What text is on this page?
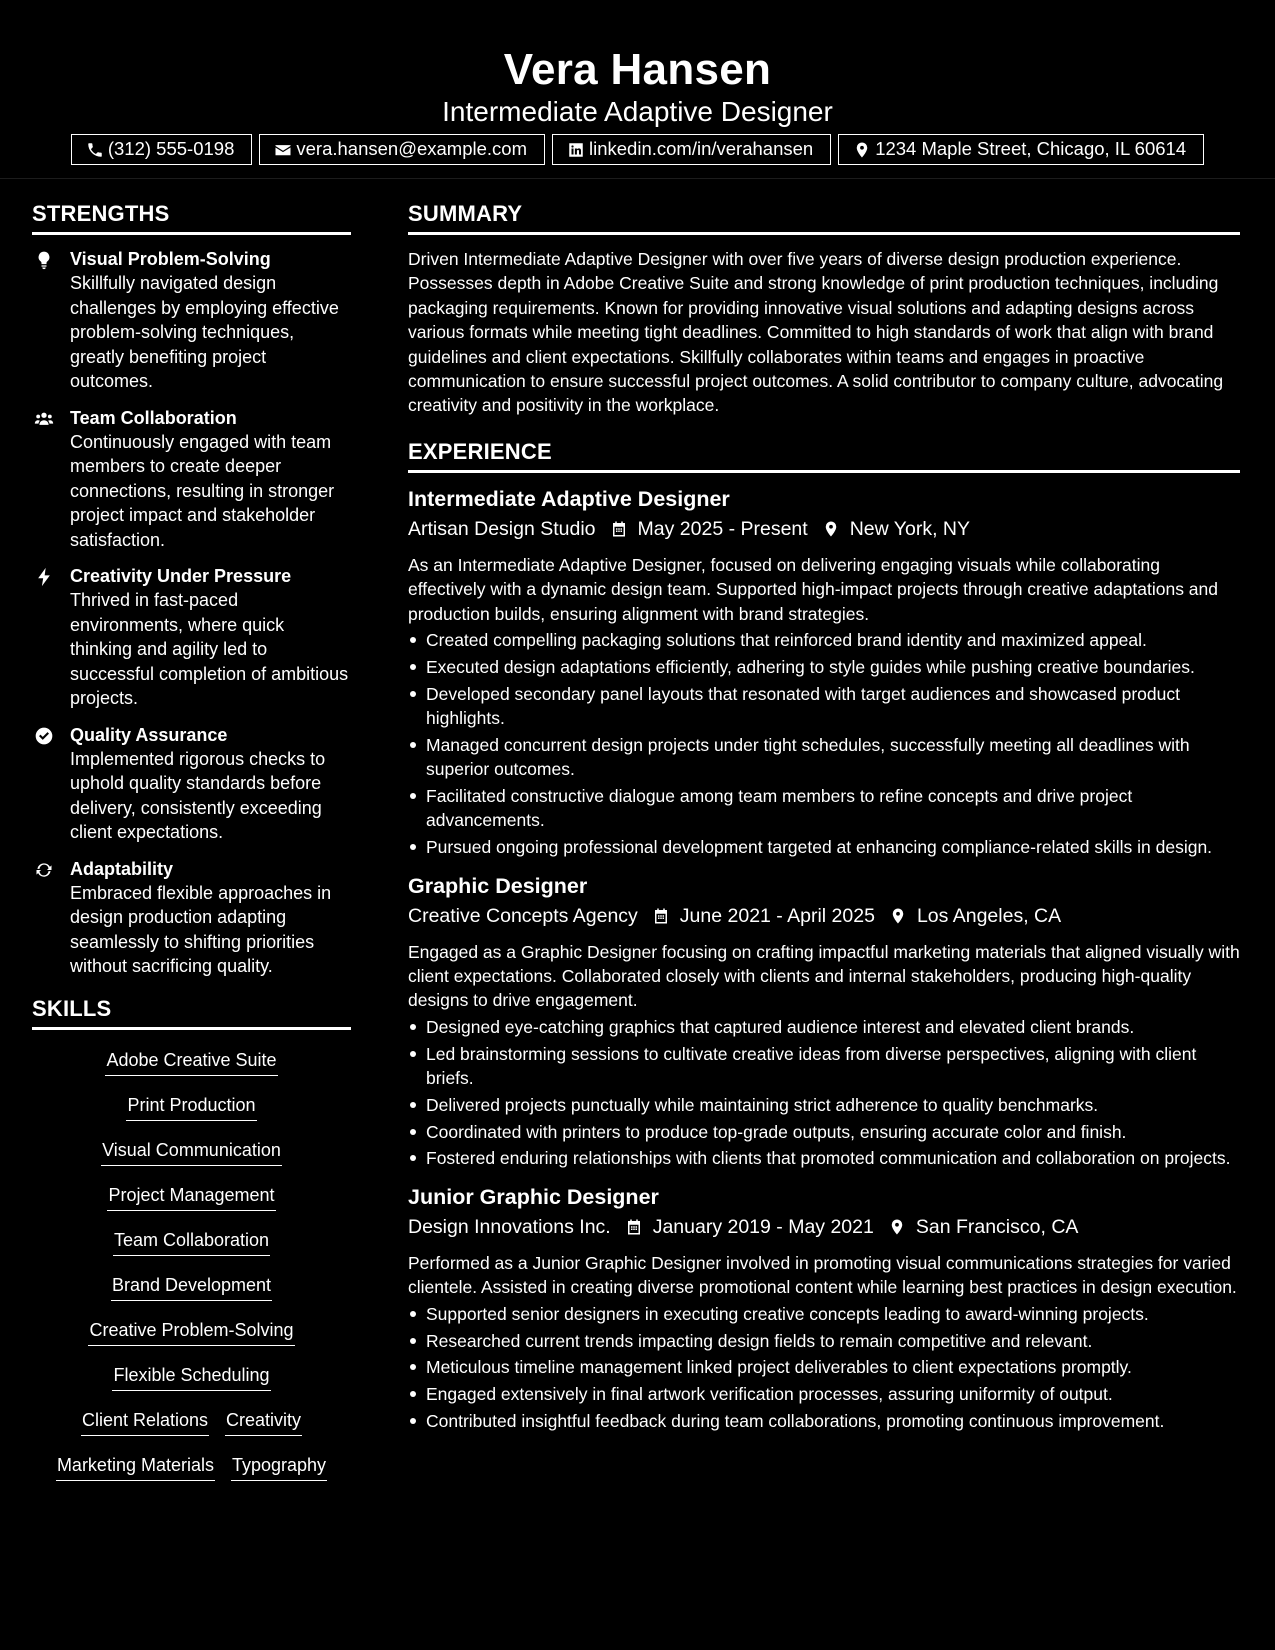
Vera Hansen
Intermediate Adaptive Designer
(312) 555-0198	vera.hansen@example.com	linkedin.com/in/verahansen	1234 Maple Street, Chicago, IL 60614
STRENGTHS
Visual Problem-Solving
Skillfully navigated design challenges by employing effective problem-solving techniques, greatly benefiting project outcomes.
Team Collaboration
Continuously engaged with team members to create deeper connections, resulting in stronger project impact and stakeholder satisfaction.
Creativity Under Pressure
Thrived in fast-paced environments, where quick thinking and agility led to successful completion of ambitious projects.
Quality Assurance
Implemented rigorous checks to uphold quality standards before delivery, consistently exceeding client expectations.
Adaptability
Embraced flexible approaches in design production adapting seamlessly to shifting priorities without sacrificing quality.
SKILLS
Adobe Creative Suite
Print Production
Visual Communication
Project Management
Team Collaboration
Brand Development
Creative Problem-Solving
Flexible Scheduling
Client Relations Creativity
Marketing Materials Typography
SUMMARY
Driven Intermediate Adaptive Designer with over five years of diverse design production experience. Possesses depth in Adobe Creative Suite and strong knowledge of print production techniques, including packaging requirements. Known for providing innovative visual solutions and adapting designs across various formats while meeting tight deadlines. Committed to high standards of work that align with brand guidelines and client expectations. Skillfully collaborates within teams and engages in proactive communication to ensure successful project outcomes. A solid contributor to company culture, advocating creativity and positivity in the workplace.
EXPERIENCE
Intermediate Adaptive Designer
Artisan Design Studio May 2025 - Present New York, NY
As an Intermediate Adaptive Designer, focused on delivering engaging visuals while collaborating effectively with a dynamic design team. Supported high-impact projects through creative adaptations and production builds, ensuring alignment with brand strategies.
Created compelling packaging solutions that reinforced brand identity and maximized appeal.
Executed design adaptations efficiently, adhering to style guides while pushing creative boundaries.
Developed secondary panel layouts that resonated with target audiences and showcased product highlights.
Managed concurrent design projects under tight schedules, successfully meeting all deadlines with superior outcomes.
Facilitated constructive dialogue among team members to refine concepts and drive project advancements.
Pursued ongoing professional development targeted at enhancing compliance-related skills in design.
Graphic Designer
Creative Concepts Agency June 2021 - April 2025 Los Angeles, CA
Engaged as a Graphic Designer focusing on crafting impactful marketing materials that aligned visually with client expectations. Collaborated closely with clients and internal stakeholders, producing high-quality designs to drive engagement.
Designed eye-catching graphics that captured audience interest and elevated client brands.
Led brainstorming sessions to cultivate creative ideas from diverse perspectives, aligning with client briefs.
Delivered projects punctually while maintaining strict adherence to quality benchmarks.
Coordinated with printers to produce top-grade outputs, ensuring accurate color and finish.
Fostered enduring relationships with clients that promoted communication and collaboration on projects.
Junior Graphic Designer
Design Innovations Inc. January 2019 - May 2021 San Francisco, CA
Performed as a Junior Graphic Designer involved in promoting visual communications strategies for varied clientele. Assisted in creating diverse promotional content while learning best practices in design execution.
Supported senior designers in executing creative concepts leading to award-winning projects.
Researched current trends impacting design fields to remain competitive and relevant.
Meticulous timeline management linked project deliverables to client expectations promptly.
Engaged extensively in final artwork verification processes, assuring uniformity of output.
Contributed insightful feedback during team collaborations, promoting continuous improvement.
